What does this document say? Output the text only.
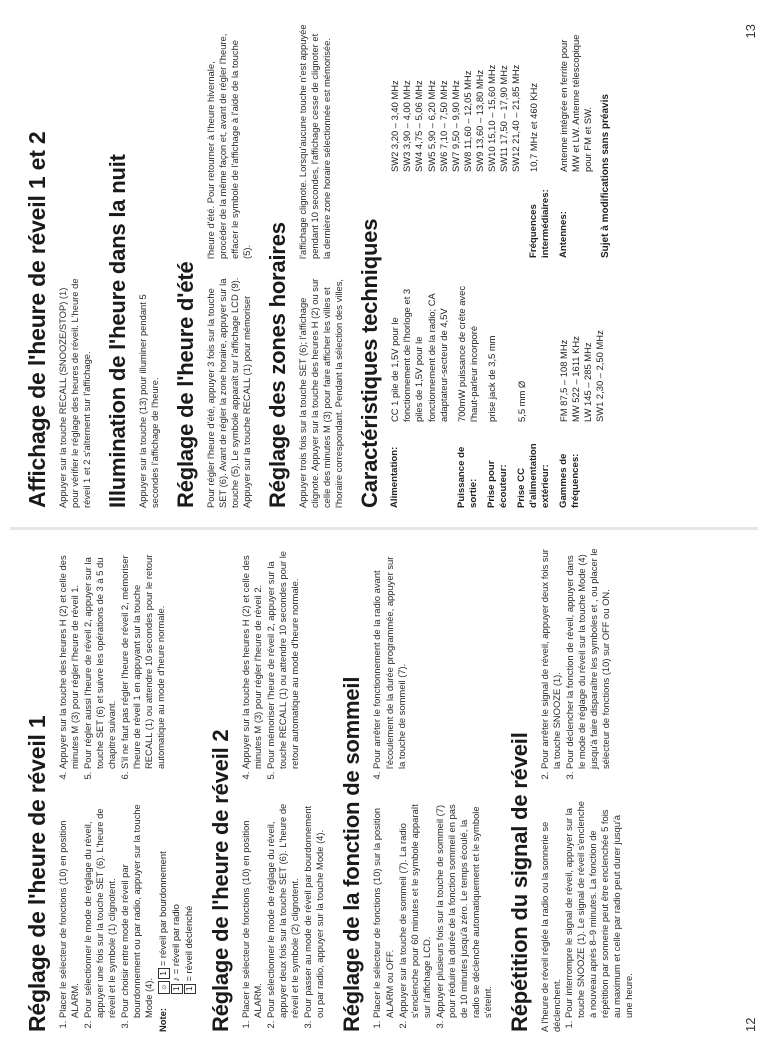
Réglage de l'heure de réveil 1 1. Placer le sélecteur de fonctions (10) en position ALARM. 2. Pour sélectionner le mode de réglage du réveil, appuyer une fois sur la touche SET (6). L'heure de réveil et le symbole (1) clignotent. 3. Pour choisir entre mode de réveil par bourdonnement ou par radio, appuyer sur la touche Mode (4).
Note:
☼1= réveil par bourdonnement
1♪ = réveil par radio
1= réveil déclenché
4. Appuyer sur la touche des heures H (2) et celle des minutes M (3) pour régler l'heure de réveil 1. 5. Pour régler aussi l'heure de réveil 2, appuyer sur la touche SET (6) et suivre les opérations de 3 à 5 du chapitre suivant. 6. S'il ne faut pas régler l'heure de réveil 2, mémoriser l'heure de réveil 1 en appuyant sur la touche RECALL (1) ou attendre 10 secondes pour le retour automatique au mode d'heure normale.
Réglage de l'heure de réveil 2 1. Placer le sélecteur de fonctions (10) en position ALARM. 2. Pour sélectionner le mode de réglage du réveil, appuyer deux fois sur la touche SET (6). L'heure de réveil et le symbole (2) clignotent. 3. Pour passer au mode de réveil par bourdonnement ou par radio, appuyer sur la touche Mode (4).
4. Appuyer sur la touche des heures H (2) et celle des minutes M (3) pour régler l'heure de réveil 2. 5. Pour mémoriser l'heure de réveil 2, appuyer sur la touche RECALL (1) ou attendre 10 secondes pour le retour automatique au mode d'heure normale.
Réglage de la fonction de sommeil 1. Placer le sélecteur de fonctions (10) sur la position ALARM ou OFF. 2. Appuyer sur la touche de sommeil (7). La radio s'enclenche pour 60 minutes et le symbole apparaît sur l'affichage LCD. 3. Appuyer plusieurs fois sur la touche de sommeil (7) pour réduire la durée de la fonction sommeil en pas de 10 minutes jusqu'à zéro. Le temps écoulé, la radio se déclenche automatiquement et le symbole s'éteint.
4. Pour arrêter le fonctionnement de la radio avant l'écoulement de la durée programmée, appuyer sur la touche de sommeil (7).
Répétition du signal de réveil A l'heure de réveil réglée la radio ou la sonnerie se déclenchent. 1. Pour interrompre le signal de réveil, appuyer sur la touche SNOOZE (1). Le signal de réveil s'enclenche à nouveau après 8–9 minutes. La fonction de répétition par sonnerie peut être enclenchée 5 fois au maximum et celle par radio peut durer jusqu'à une heure.
2. Pour arrêter le signal de réveil, appuyer deux fois sur la touche SNOOZE (1). 3. Pour déclencher la fonction de réveil, appuyer dans le mode de réglage du réveil sur la touche Mode (4) jusqu'à faire disparaître les symboles et , ou placer le sélecteur de fonctions (10) sur OFF ou ON.
12
Affichage de l'heure de réveil 1 et 2 Appuyer sur la touche RECALL (SNOOZE/STOP) (1) pour vérifier le réglage des heures de réveil. L'heure de réveil 1 et 2 s'alternent sur l'affichage. Illumination de l'heure dans la nuit Appuyer sur la touche (13) pour illuminer pendant 5 secondes l'affichage de l'heure. Réglage de l'heure d'été Pour régler l'heure d'été, appuyer 3 fois sur la touche SET (6). Avant de régler la zone horaire, appuyer sur la touche (5). Le symbole apparaît sur l'affichage LCD (9). Appuyer sur la touche RECALL (1) pour mémoriser l'heure d'été. Pour retourner à l'heure hivernale, procéder de la même façon et, avant de régler l'heure, effacer le symbole de l'affichage à l'aide de la touche (5). Réglage des zones horaires Appuyer trois fois sur la touche SET (6); l'affichage clignote. Appuyer sur la touche des heures H (2) ou sur celle des minutes M (3) pour faire afficher les villes et l'horaire correspondant. Pendant la sélection des villes, l'affichage clignote. Lorsqu'aucune touche n'est appuyée pendant 10 secondes, l'affichage cesse de clignoter et la dernière zone horaire sélectionnée est mémorisée.

Caractéristiques techniques Alimentation:
CC 1 pile de 1,5V pour le fonctionnement de l'horloge et 3 piles de 1,5V pour le fonctionnement de la radio; CA adaptateur-secteur de 4,5V
Puissance de sortie:
700mW puissance de crête avec l'haut-parleur incorporé
Prise pour écouteur:
prise jack de 3,5 mm
Prise CC d'alimentation extérieur:
5,5 mm Ø
Gammes de fréquences:
FM 87,5 – 108 MHz MW 522 – 1611 KHz LW 145 – 285 MHz SW1 2,30 – 2,50 MHz
SW2 3,20 – 3,40 MHz SW3 3,90 – 4,00 MHz SW4 4,75 – 5,06 MHz SW5 5,90 – 6,20 MHz SW6 7,10 – 7,50 MHz SW7 9,50 – 9,90 MHz SW8 11,60 – 12,05 MHz SW9 13,60 – 13,80 MHz SW10 15,10 – 15,60 MHz SW11 17,50 – 17,90 MHz SW12 21,40 – 21,85 MHz
Fréquences intermédiaires:
10,7 MHz et 460 KHz
Antennes:
Antenne intégrée en ferrite pour MW et LW. Antenne télescopique pour FM et SW. Sujet à modifications sans préavis
13
